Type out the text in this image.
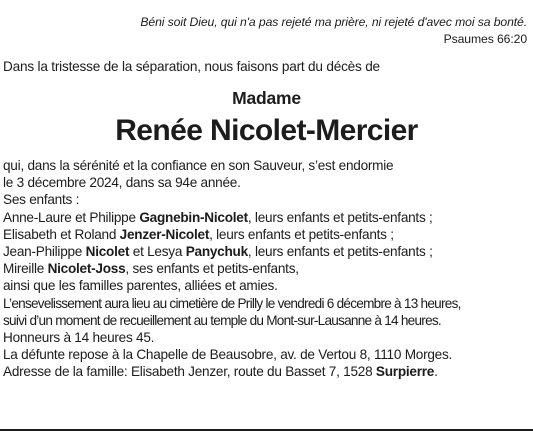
Béni soit Dieu, qui n'a pas rejeté ma prière, ni rejeté d'avec moi sa bonté.
Psaumes 66:20
Dans la tristesse de la séparation, nous faisons part du décès de
Madame
Renée Nicolet-Mercier
qui, dans la sérénité et la confiance en son Sauveur, s’est endormie
le 3 décembre 2024, dans sa 94e année.
Ses enfants :
Anne-Laure et Philippe Gagnebin-Nicolet, leurs enfants et petits-enfants ;
Elisabeth et Roland Jenzer-Nicolet, leurs enfants et petits-enfants ;
Jean-Philippe Nicolet et Lesya Panychuk, leurs enfants et petits-enfants ;
Mireille Nicolet-Joss, ses enfants et petits-enfants,
ainsi que les familles parentes, alliées et amies.
L’ensevelissement aura lieu au cimetière de Prilly le vendredi 6 décembre à 13 heures,
suivi d’un moment de recueillement au temple du Mont-sur-Lausanne à 14 heures.
Honneurs à 14 heures 45.
La défunte repose à la Chapelle de Beausobre, av. de Vertou 8, 1110 Morges.
Adresse de la famille: Elisabeth Jenzer, route du Basset 7, 1528 Surpierre.
